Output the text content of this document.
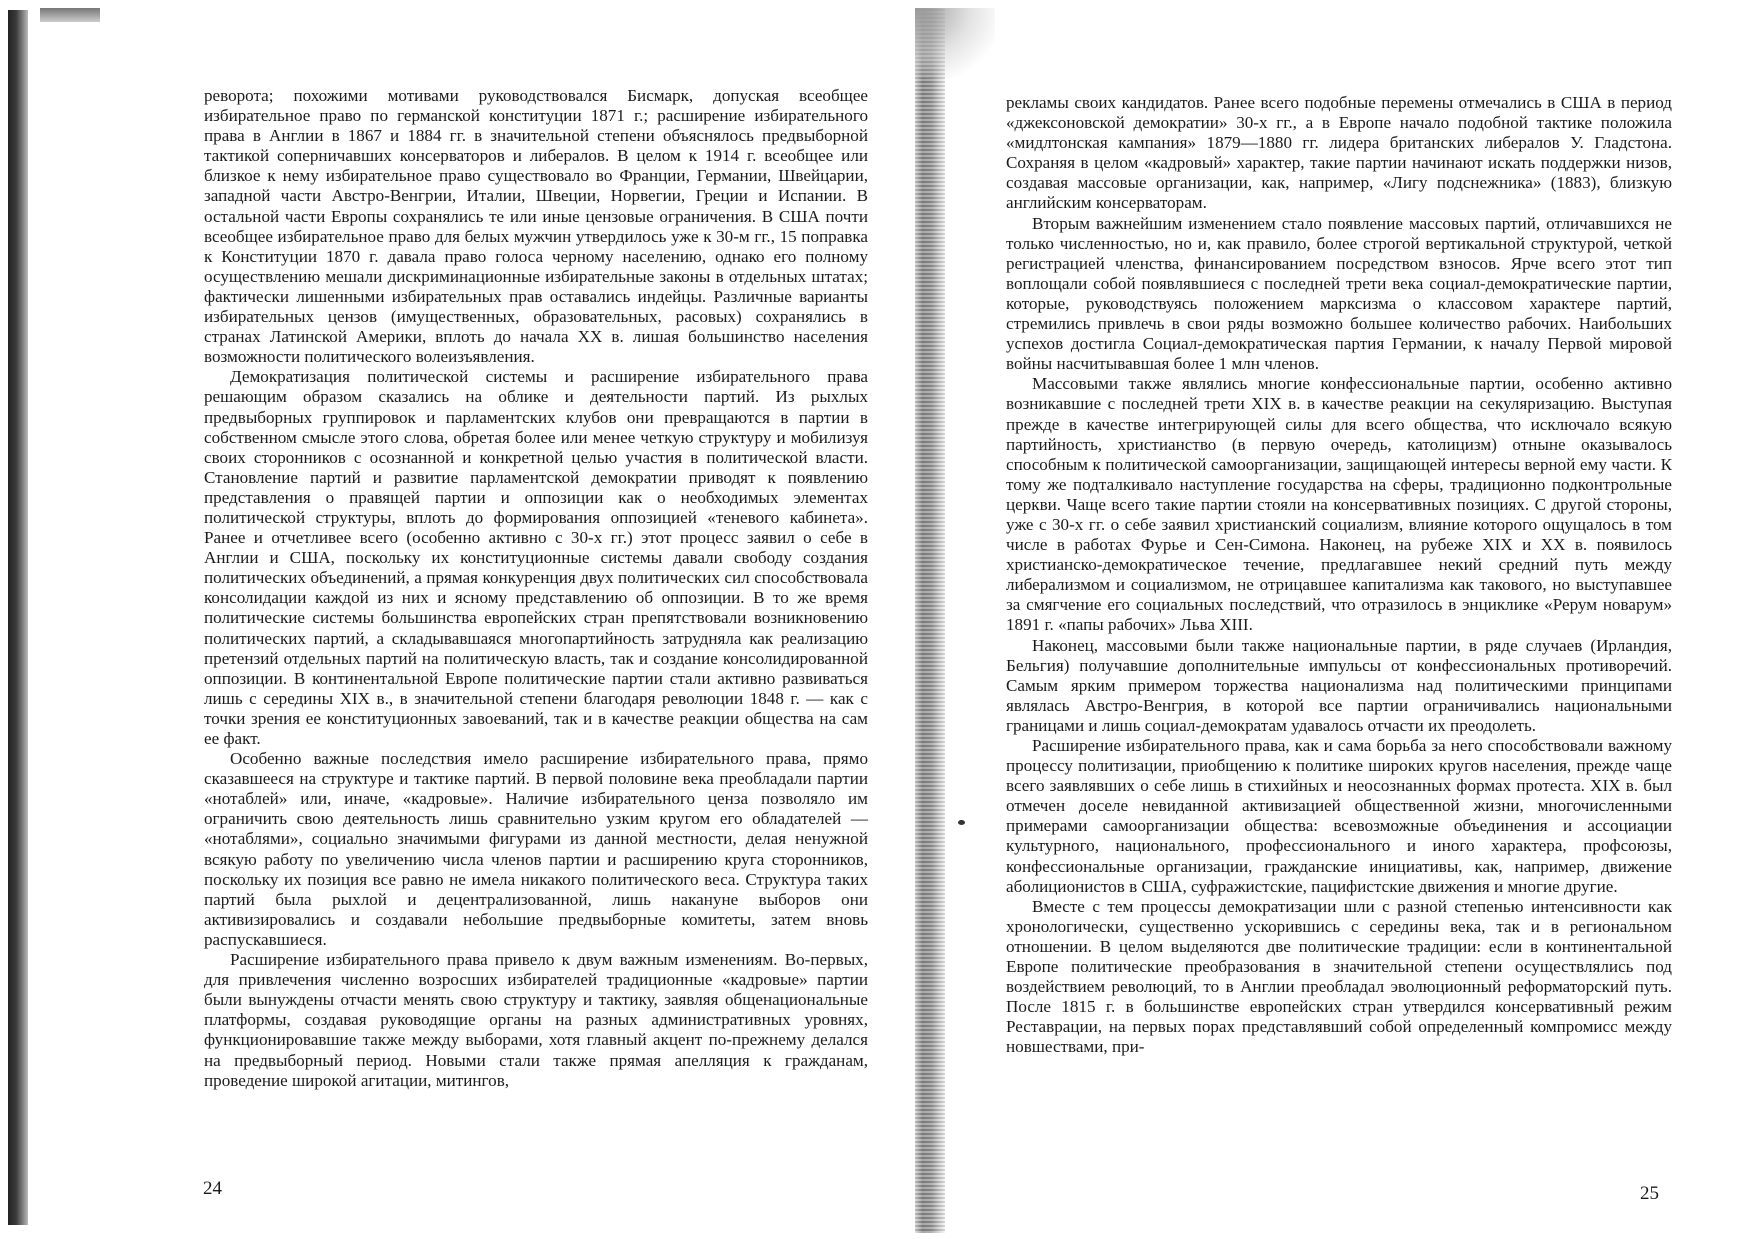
реворота; похожими мотивами руководствовался Бисмарк, допуская всеобщее избирательное право по германской конституции 1871 г.; расширение избирательного права в Англии в 1867 и 1884 гг. в значительной степени объяснялось предвыборной тактикой соперничавших консерваторов и либералов. В целом к 1914 г. всеобщее или близкое к нему избирательное право существовало во Франции, Германии, Швейцарии, западной части Австро-Венгрии, Италии, Швеции, Норвегии, Греции и Испании. В остальной части Европы сохранялись те или иные цензовые ограничения. В США почти всеобщее избирательное право для белых мужчин утвердилось уже к 30-м гг., 15 поправка к Конституции 1870 г. давала право голоса черному населению, однако его полному осуществлению мешали дискриминационные избирательные законы в отдельных штатах; фактически лишенными избирательных прав оставались индейцы. Различные варианты избирательных цензов (имущественных, образовательных, расовых) сохранялись в странах Латинской Америки, вплоть до начала XX в. лишая большинство населения возможности политического волеизъявления.

Демократизация политической системы и расширение избирательного права решающим образом сказались на облике и деятельности партий. Из рыхлых предвыборных группировок и парламентских клубов они превращаются в партии в собственном смысле этого слова, обретая более или менее четкую структуру и мобилизуя своих сторонников с осознанной и конкретной целью участия в политической власти. Становление партий и развитие парламентской демократии приводят к появлению представления о правящей партии и оппозиции как о необходимых элементах политической структуры, вплоть до формирования оппозицией «теневого кабинета». Ранее и отчетливее всего (особенно активно с 30-х гг.) этот процесс заявил о себе в Англии и США, поскольку их конституционные системы давали свободу создания политических объединений, а прямая конкуренция двух политических сил способствовала консолидации каждой из них и ясному представлению об оппозиции. В то же время политические системы большинства европейских стран препятствовали возникновению политических партий, а складывавшаяся многопартийность затрудняла как реализацию претензий отдельных партий на политическую власть, так и создание консолидированной оппозиции. В континентальной Европе политические партии стали активно развиваться лишь с середины XIX в., в значительной степени благодаря революции 1848 г. — как с точки зрения ее конституционных завоеваний, так и в качестве реакции общества на сам ее факт.

Особенно важные последствия имело расширение избирательного права, прямо сказавшееся на структуре и тактике партий. В первой половине века преобладали партии «нотаблей» или, иначе, «кадровые». Наличие избирательного ценза позволяло им ограничить свою деятельность лишь сравнительно узким кругом его обладателей — «нотаблями», социально значимыми фигурами из данной местности, делая ненужной всякую работу по увеличению числа членов партии и расширению круга сторонников, поскольку их позиция все равно не имела никакого политического веса. Структура таких партий была рыхлой и децентрализованной, лишь накануне выборов они активизировались и создавали небольшие предвыборные комитеты, затем вновь распускавшиеся.

Расширение избирательного права привело к двум важным изменениям. Во-первых, для привлечения численно возросших избирателей традиционные «кадровые» партии были вынуждены отчасти менять свою структуру и тактику, заявляя общенациональные платформы, создавая руководящие органы на разных административных уровнях, функционировавшие также между выборами, хотя главный акцент по-прежнему делался на предвыборный период. Новыми стали также прямая апелляция к гражданам, проведение широкой агитации, митингов,

рекламы своих кандидатов. Ранее всего подобные перемены отмечались в США в период «джексоновской демократии» 30-х гг., а в Европе начало подобной тактике положила «мидлтонская кампания» 1879—1880 гг. лидера британских либералов У. Гладстона. Сохраняя в целом «кадровый» характер, такие партии начинают искать поддержки низов, создавая массовые организации, как, например, «Лигу подснежника» (1883), близкую английским консерваторам.

Вторым важнейшим изменением стало появление массовых партий, отличавшихся не только численностью, но и, как правило, более строгой вертикальной структурой, четкой регистрацией членства, финансированием посредством взносов. Ярче всего этот тип воплощали собой появлявшиеся с последней трети века социал-демократические партии, которые, руководствуясь положением марксизма о классовом характере партий, стремились привлечь в свои ряды возможно большее количество рабочих. Наибольших успехов достигла Социал-демократическая партия Германии, к началу Первой мировой войны насчитывавшая более 1 млн членов.

Массовыми также являлись многие конфессиональные партии, особенно активно возникавшие с последней трети XIX в. в качестве реакции на секуляризацию. Выступая прежде в качестве интегрирующей силы для всего общества, что исключало всякую партийность, христианство (в первую очередь, католицизм) отныне оказывалось способным к политической самоорганизации, защищающей интересы верной ему части. К тому же подталкивало наступление государства на сферы, традиционно подконтрольные церкви. Чаще всего такие партии стояли на консервативных позициях. С другой стороны, уже с 30-х гг. о себе заявил христианский социализм, влияние которого ощущалось в том числе в работах Фурье и Сен-Симона. Наконец, на рубеже XIX и XX в. появилось христианско-демократическое течение, предлагавшее некий средний путь между либерализмом и социализмом, не отрицавшее капитализма как такового, но выступавшее за смягчение его социальных последствий, что отразилось в энциклике «Рерум новарум» 1891 г. «папы рабочих» Льва XIII.

Наконец, массовыми были также национальные партии, в ряде случаев (Ирландия, Бельгия) получавшие дополнительные импульсы от конфессиональных противоречий. Самым ярким примером торжества национализма над политическими принципами являлась Австро-Венгрия, в которой все партии ограничивались национальными границами и лишь социал-демократам удавалось отчасти их преодолеть.

Расширение избирательного права, как и сама борьба за него способствовали важному процессу политизации, приобщению к политике широких кругов населения, прежде чаще всего заявлявших о себе лишь в стихийных и неосознанных формах протеста. XIX в. был отмечен доселе невиданной активизацией общественной жизни, многочисленными примерами самоорганизации общества: всевозможные объединения и ассоциации культурного, национального, профессионального и иного характера, профсоюзы, конфессиональные организации, гражданские инициативы, как, например, движение аболиционистов в США, суфражистские, пацифистские движения и многие другие.

Вместе с тем процессы демократизации шли с разной степенью интенсивности как хронологически, существенно ускорившись с середины века, так и в региональном отношении. В целом выделяются две политические традиции: если в континентальной Европе политические преобразования в значительной степени осуществлялись под воздействием революций, то в Англии преобладал эволюционный реформаторский путь. После 1815 г. в большинстве европейских стран утвердился консервативный режим Реставрации, на первых порах представлявший собой определенный компромисс между новшествами, при-

24	25
